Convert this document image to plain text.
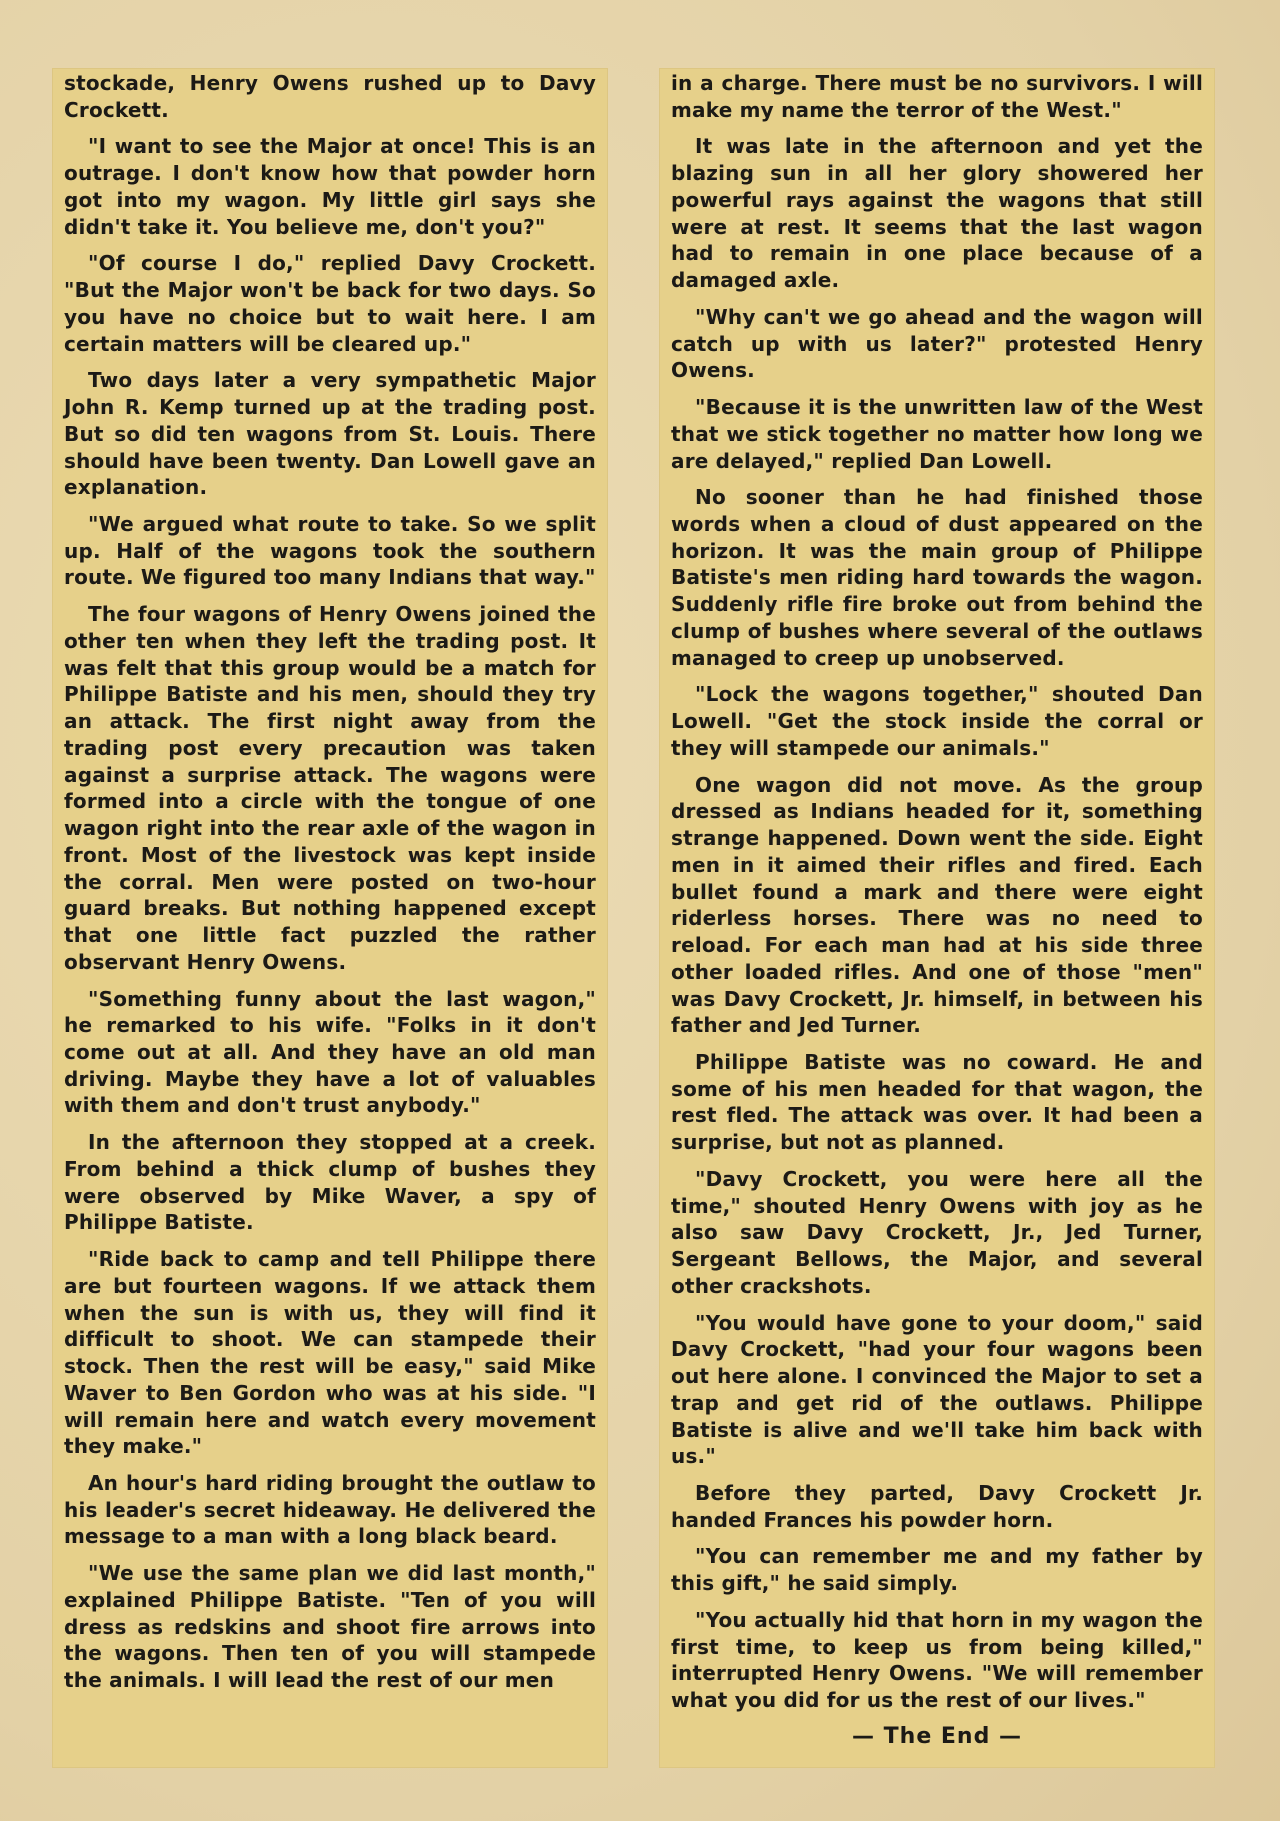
stockade, Henry Owens rushed up to Davy Crockett.

"I want to see the Major at once! This is an outrage. I don't know how that powder horn got into my wagon. My little girl says she didn't take it. You believe me, don't you?"

"Of course I do," replied Davy Crockett. "But the Major won't be back for two days. So you have no choice but to wait here. I am certain matters will be cleared up."

Two days later a very sympathetic Major John R. Kemp turned up at the trading post. But so did ten wagons from St. Louis. There should have been twenty. Dan Lowell gave an explanation.

"We argued what route to take. So we split up. Half of the wagons took the southern route. We figured too many Indians that way."

The four wagons of Henry Owens joined the other ten when they left the trading post. It was felt that this group would be a match for Philippe Batiste and his men, should they try an attack. The first night away from the trading post every precaution was taken against a surprise attack. The wagons were formed into a circle with the tongue of one wagon right into the rear axle of the wagon in front. Most of the livestock was kept inside the corral. Men were posted on two-hour guard breaks. But nothing happened except that one little fact puzzled the rather observant Henry Owens.

"Something funny about the last wagon," he remarked to his wife. "Folks in it don't come out at all. And they have an old man driving. Maybe they have a lot of valuables with them and don't trust anybody."

In the afternoon they stopped at a creek. From behind a thick clump of bushes they were observed by Mike Waver, a spy of Philippe Batiste.

"Ride back to camp and tell Philippe there are but fourteen wagons. If we attack them when the sun is with us, they will find it difficult to shoot. We can stampede their stock. Then the rest will be easy," said Mike Waver to Ben Gordon who was at his side. "I will remain here and watch every movement they make."

An hour's hard riding brought the outlaw to his leader's secret hideaway. He delivered the message to a man with a long black beard.

"We use the same plan we did last month," explained Philippe Batiste. "Ten of you will dress as redskins and shoot fire arrows into the wagons. Then ten of you will stampede the animals. I will lead the rest of our men

in a charge. There must be no survivors. I will make my name the terror of the West."

It was late in the afternoon and yet the blazing sun in all her glory showered her powerful rays against the wagons that still were at rest. It seems that the last wagon had to remain in one place because of a damaged axle.

"Why can't we go ahead and the wagon will catch up with us later?" protested Henry Owens.

"Because it is the unwritten law of the West that we stick together no matter how long we are delayed," replied Dan Lowell.

No sooner than he had finished those words when a cloud of dust appeared on the horizon. It was the main group of Philippe Batiste's men riding hard towards the wagon. Suddenly rifle fire broke out from behind the clump of bushes where several of the outlaws managed to creep up unobserved.

"Lock the wagons together," shouted Dan Lowell. "Get the stock inside the corral or they will stampede our animals."

One wagon did not move. As the group dressed as Indians headed for it, something strange happened. Down went the side. Eight men in it aimed their rifles and fired. Each bullet found a mark and there were eight riderless horses. There was no need to reload. For each man had at his side three other loaded rifles. And one of those "men" was Davy Crockett, Jr. himself, in between his father and Jed Turner.

Philippe Batiste was no coward. He and some of his men headed for that wagon, the rest fled. The attack was over. It had been a surprise, but not as planned.

"Davy Crockett, you were here all the time," shouted Henry Owens with joy as he also saw Davy Crockett, Jr., Jed Turner, Sergeant Bellows, the Major, and several other crackshots.

"You would have gone to your doom," said Davy Crockett, "had your four wagons been out here alone. I convinced the Major to set a trap and get rid of the outlaws. Philippe Batiste is alive and we'll take him back with us."

Before they parted, Davy Crockett Jr. handed Frances his powder horn.

"You can remember me and my father by this gift," he said simply.

"You actually hid that horn in my wagon the first time, to keep us from being killed," interrupted Henry Owens. "We will remember what you did for us the rest of our lives."

— The End —
